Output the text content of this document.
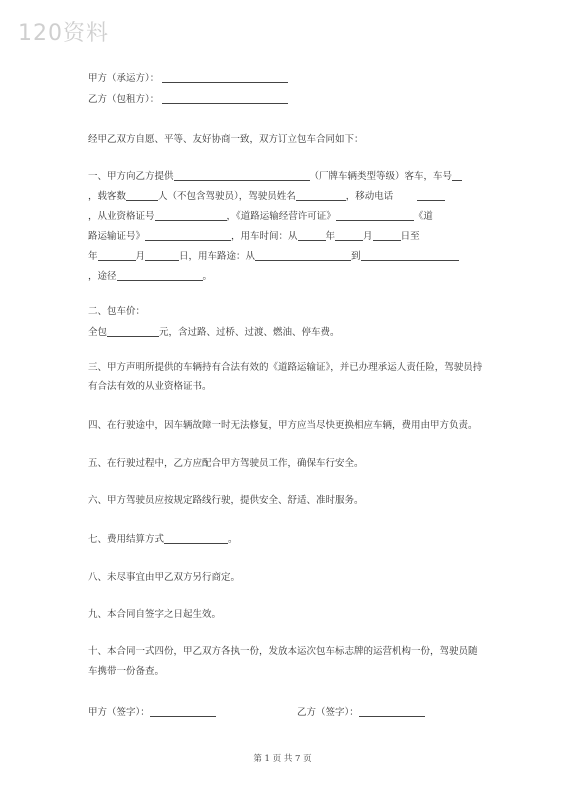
120资料
甲方（承运方）：
乙方（包租方）：
经甲乙双方自愿、平等、友好协商一致，双方订立包车合同如下：
一、甲方向乙方提供	（厂牌车辆类型等级）客车，车号
，载客数	人（不包含驾驶员），驾驶员姓名	，移动电话
，从业资格证号	，《道路运输经营许可证》	《道
路运输证号》	，用车时间：从	年	月	日至
年	月	日，用车路途：从	到
，途径	。
二、包车价：
全包	元，含过路、过桥、过渡、燃油、停车费。
三、甲方声明所提供的车辆持有合法有效的《道路运输证》，并已办理承运人责任险，驾驶员持
有合法有效的从业资格证书。
四、在行驶途中，因车辆故障一时无法修复，甲方应当尽快更换相应车辆，费用由甲方负责。
五、在行驶过程中，乙方应配合甲方驾驶员工作，确保车行安全。
六、甲方驾驶员应按规定路线行驶，提供安全、舒适、准时服务。
七、费用结算方式	。
八、未尽事宜由甲乙双方另行商定。
九、本合同自签字之日起生效。
十、本合同一式四份，甲乙双方各执一份，发放本运次包车标志牌的运营机构一份，驾驶员随
车携带一份备查。
甲方（签字）：	乙方（签字）：
第 1 页 共 7 页
